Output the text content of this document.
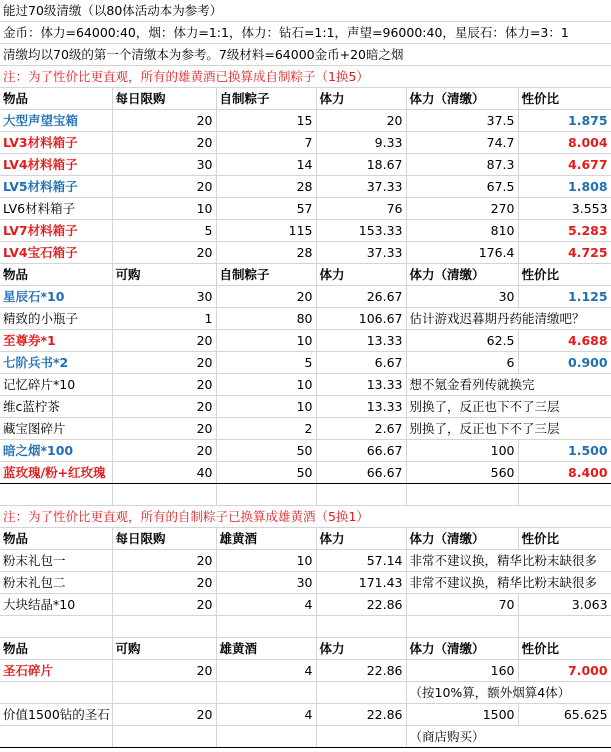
能过70级清缴（以80体活动本为参考）					
金币：体力=64000:40，烟：体力=1:1，体力：钻石=1:1，声望=96000:40，星辰石：体力=3：1					
清缴均以70级的第一个清缴本为参考。7级材料=64000金币+20暗之烟					
注：为了性价比更直观，所有的雄黄酒已换算成自制粽子（1换5）					
物品	每日限购	自制粽子	体力	体力（清缴）	性价比
大型声望宝箱	20	15	20	37.5	1.875
LV3材料箱子	20	7	9.33	74.7	8.004
LV4材料箱子	30	14	18.67	87.3	4.677
LV5材料箱子	20	28	37.33	67.5	1.808
LV6材料箱子	10	57	76	270	3.553
LV7材料箱子	5	115	153.33	810	5.283
LV4宝石箱子	20	28	37.33	176.4	4.725
物品	可购	自制粽子	体力	体力（清缴）	性价比
星辰石*10	30	20	26.67	30	1.125
精致的小瓶子	1	80	106.67	估计游戏迟暮期丹药能清缴吧？	
至尊券*1	20	10	13.33	62.5	4.688
七阶兵书*2	20	5	6.67	6	0.900
记忆碎片*10	20	10	13.33	想不氪金看列传就换完	
维c蓝柠茶	20	10	13.33	别换了，反正也下不了三层	
藏宝图碎片	20	2	2.67	别换了，反正也下不了三层	
暗之烟*100	20	50	66.67	100	1.500
蓝玫瑰/粉+红玫瑰	40	50	66.67	560	8.400

注：为了性价比更直观，所有的自制粽子已换算成雄黄酒（5换1）					
物品	每日限购	雄黄酒	体力	体力（清缴）	性价比
粉末礼包一	20	10	57.14	非常不建议换，精华比粉末缺很多	
粉末礼包二	20	30	171.43	非常不建议换，精华比粉末缺很多	
大块结晶*10	20	4	22.86	70	3.063

物品	可购	雄黄酒	体力	体力（清缴）	性价比
圣石碎片	20	4	22.86	160	7.000
				（按10%算，额外烟算4体）	
价值1500钻的圣石	20	4	22.86	1500	65.625
				（商店购买）	
